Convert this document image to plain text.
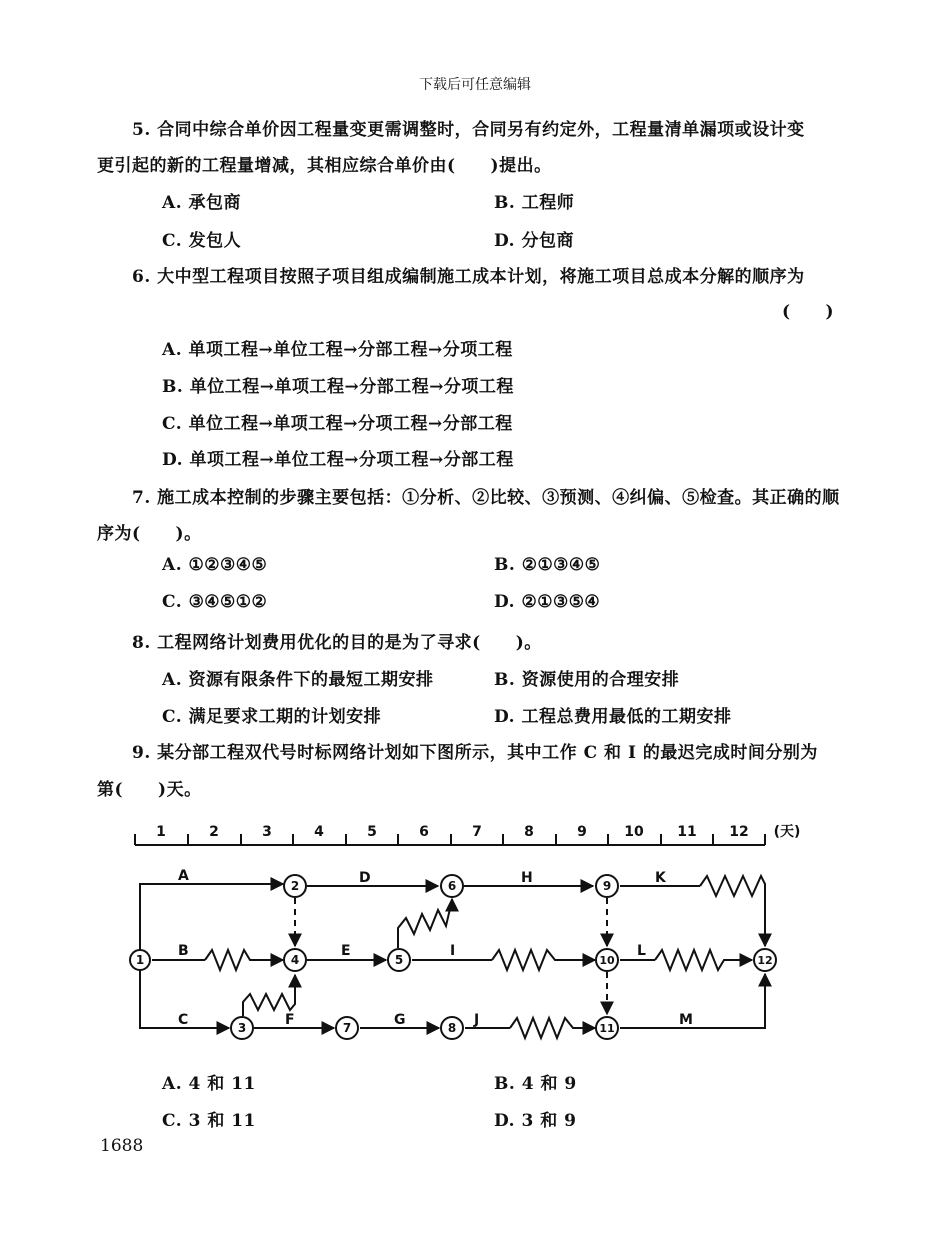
下载后可任意编辑
5. 合同中综合单价因工程量变更需调整时，合同另有约定外，工程量清单漏项或设计变
更引起的新的工程量增减，其相应综合单价由(　　)提出。
A. 承包商	B. 工程师
C. 发包人	D. 分包商
6. 大中型工程项目按照子项目组成编制施工成本计划，将施工项目总成本分解的顺序为
(　　)
A. 单项工程→单位工程→分部工程→分项工程
B. 单位工程→单项工程→分部工程→分项工程
C. 单位工程→单项工程→分项工程→分部工程
D. 单项工程→单位工程→分项工程→分部工程
7. 施工成本控制的步骤主要包括：①分析、②比较、③预测、④纠偏、⑤检查。其正确的顺
序为(　　)。
A. ①②③④⑤	B. ②①③④⑤
C. ③④⑤①②	D. ②①③⑤④
8. 工程网络计划费用优化的目的是为了寻求(　　)。
A. 资源有限条件下的最短工期安排	B. 资源使用的合理安排
C. 满足要求工期的计划安排	D. 工程总费用最低的工期安排
9. 某分部工程双代号时标网络计划如下图所示，其中工作 C 和 I 的最迟完成时间分别为
第(　　)天。
1	2	3	4	5	6	7	8	9	10 11 12 (天)
A
B
C
D
E
F	G
H
I
J
K
L
M
1
2
3
4	5
6
7	8
9
10
11
12
A. 4 和 11	B. 4 和 9
C. 3 和 11	D. 3 和 9
1688
